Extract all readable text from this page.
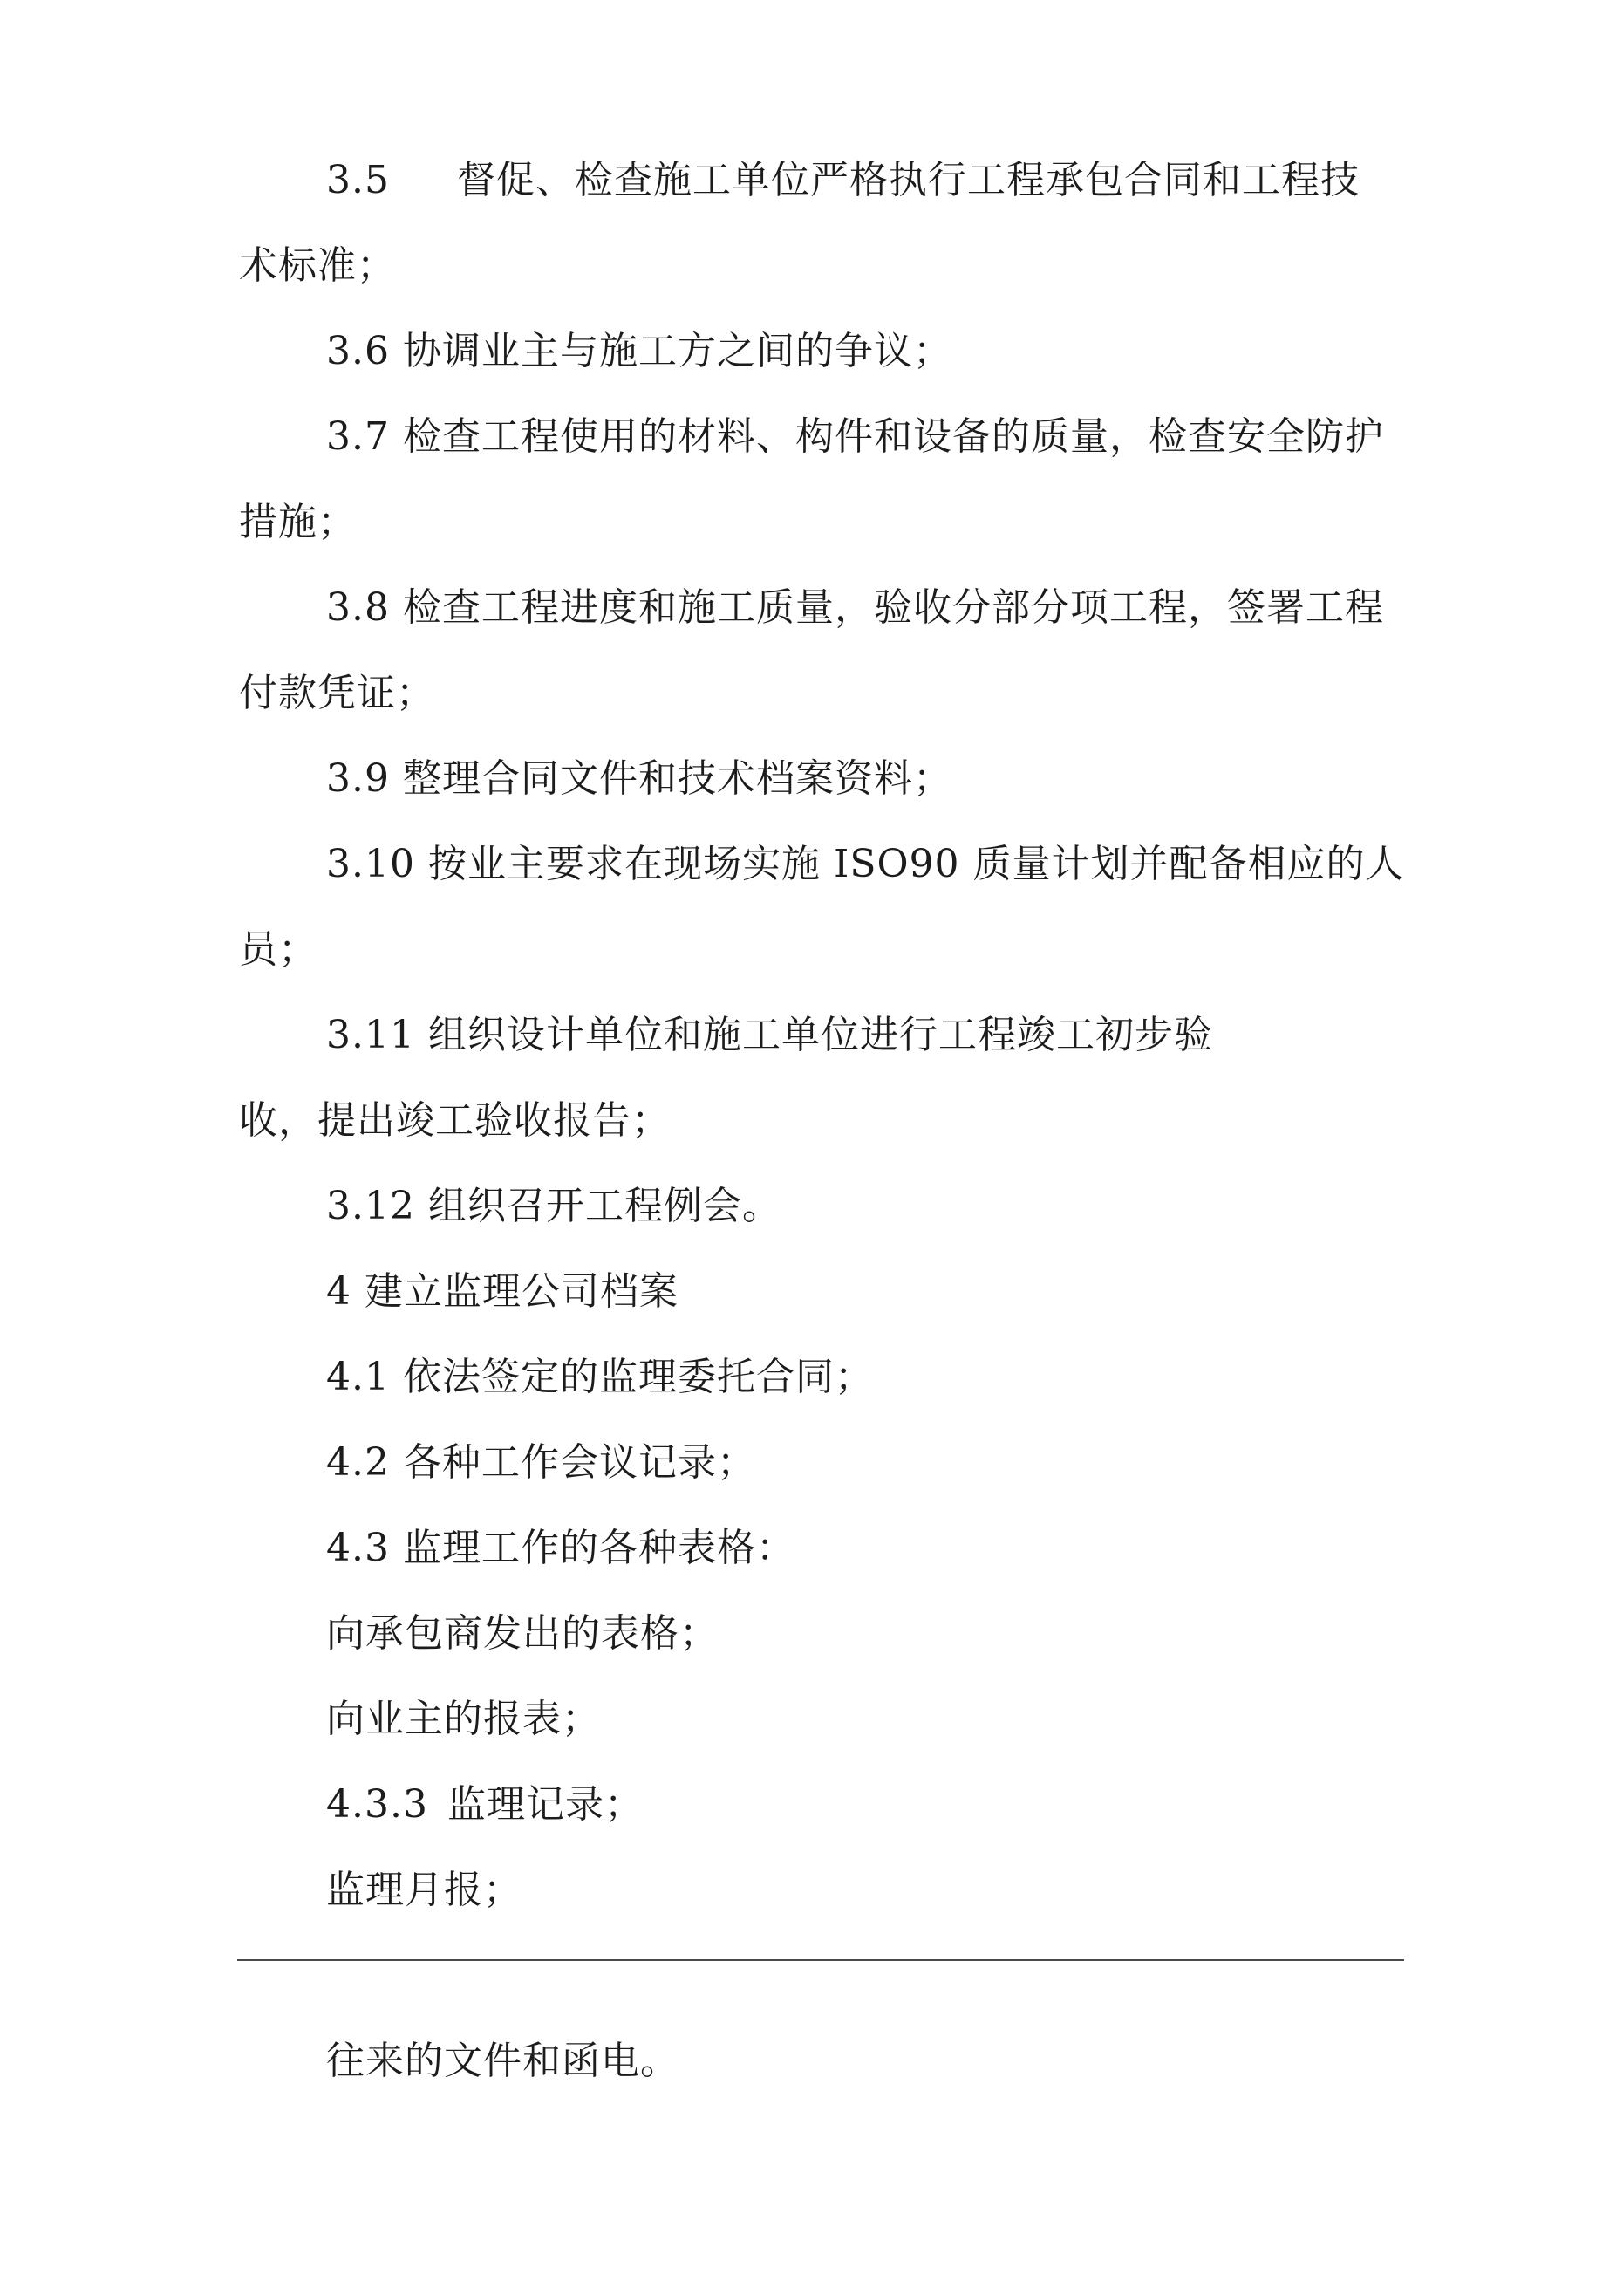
3.5 督促、检查施工单位严格执行工程承包合同和工程技
术标准；
3.6 协调业主与施工方之间的争议；
3.7 检查工程使用的材料、构件和设备的质量，检查安全防护
措施；
3.8 检查工程进度和施工质量，验收分部分项工程，签署工程
付款凭证；
3.9 整理合同文件和技术档案资料；
3.10 按业主要求在现场实施 ISO90 质量计划并配备相应的人
员；
3.11 组织设计单位和施工单位进行工程竣工初步验
收，提出竣工验收报告；
3.12 组织召开工程例会。
4 建立监理公司档案
4.1 依法签定的监理委托合同；
4.2 各种工作会议记录；
4.3 监理工作的各种表格：
向承包商发出的表格；
向业主的报表；
4.3.3 监理记录；
监理月报；
往来的文件和函电。
